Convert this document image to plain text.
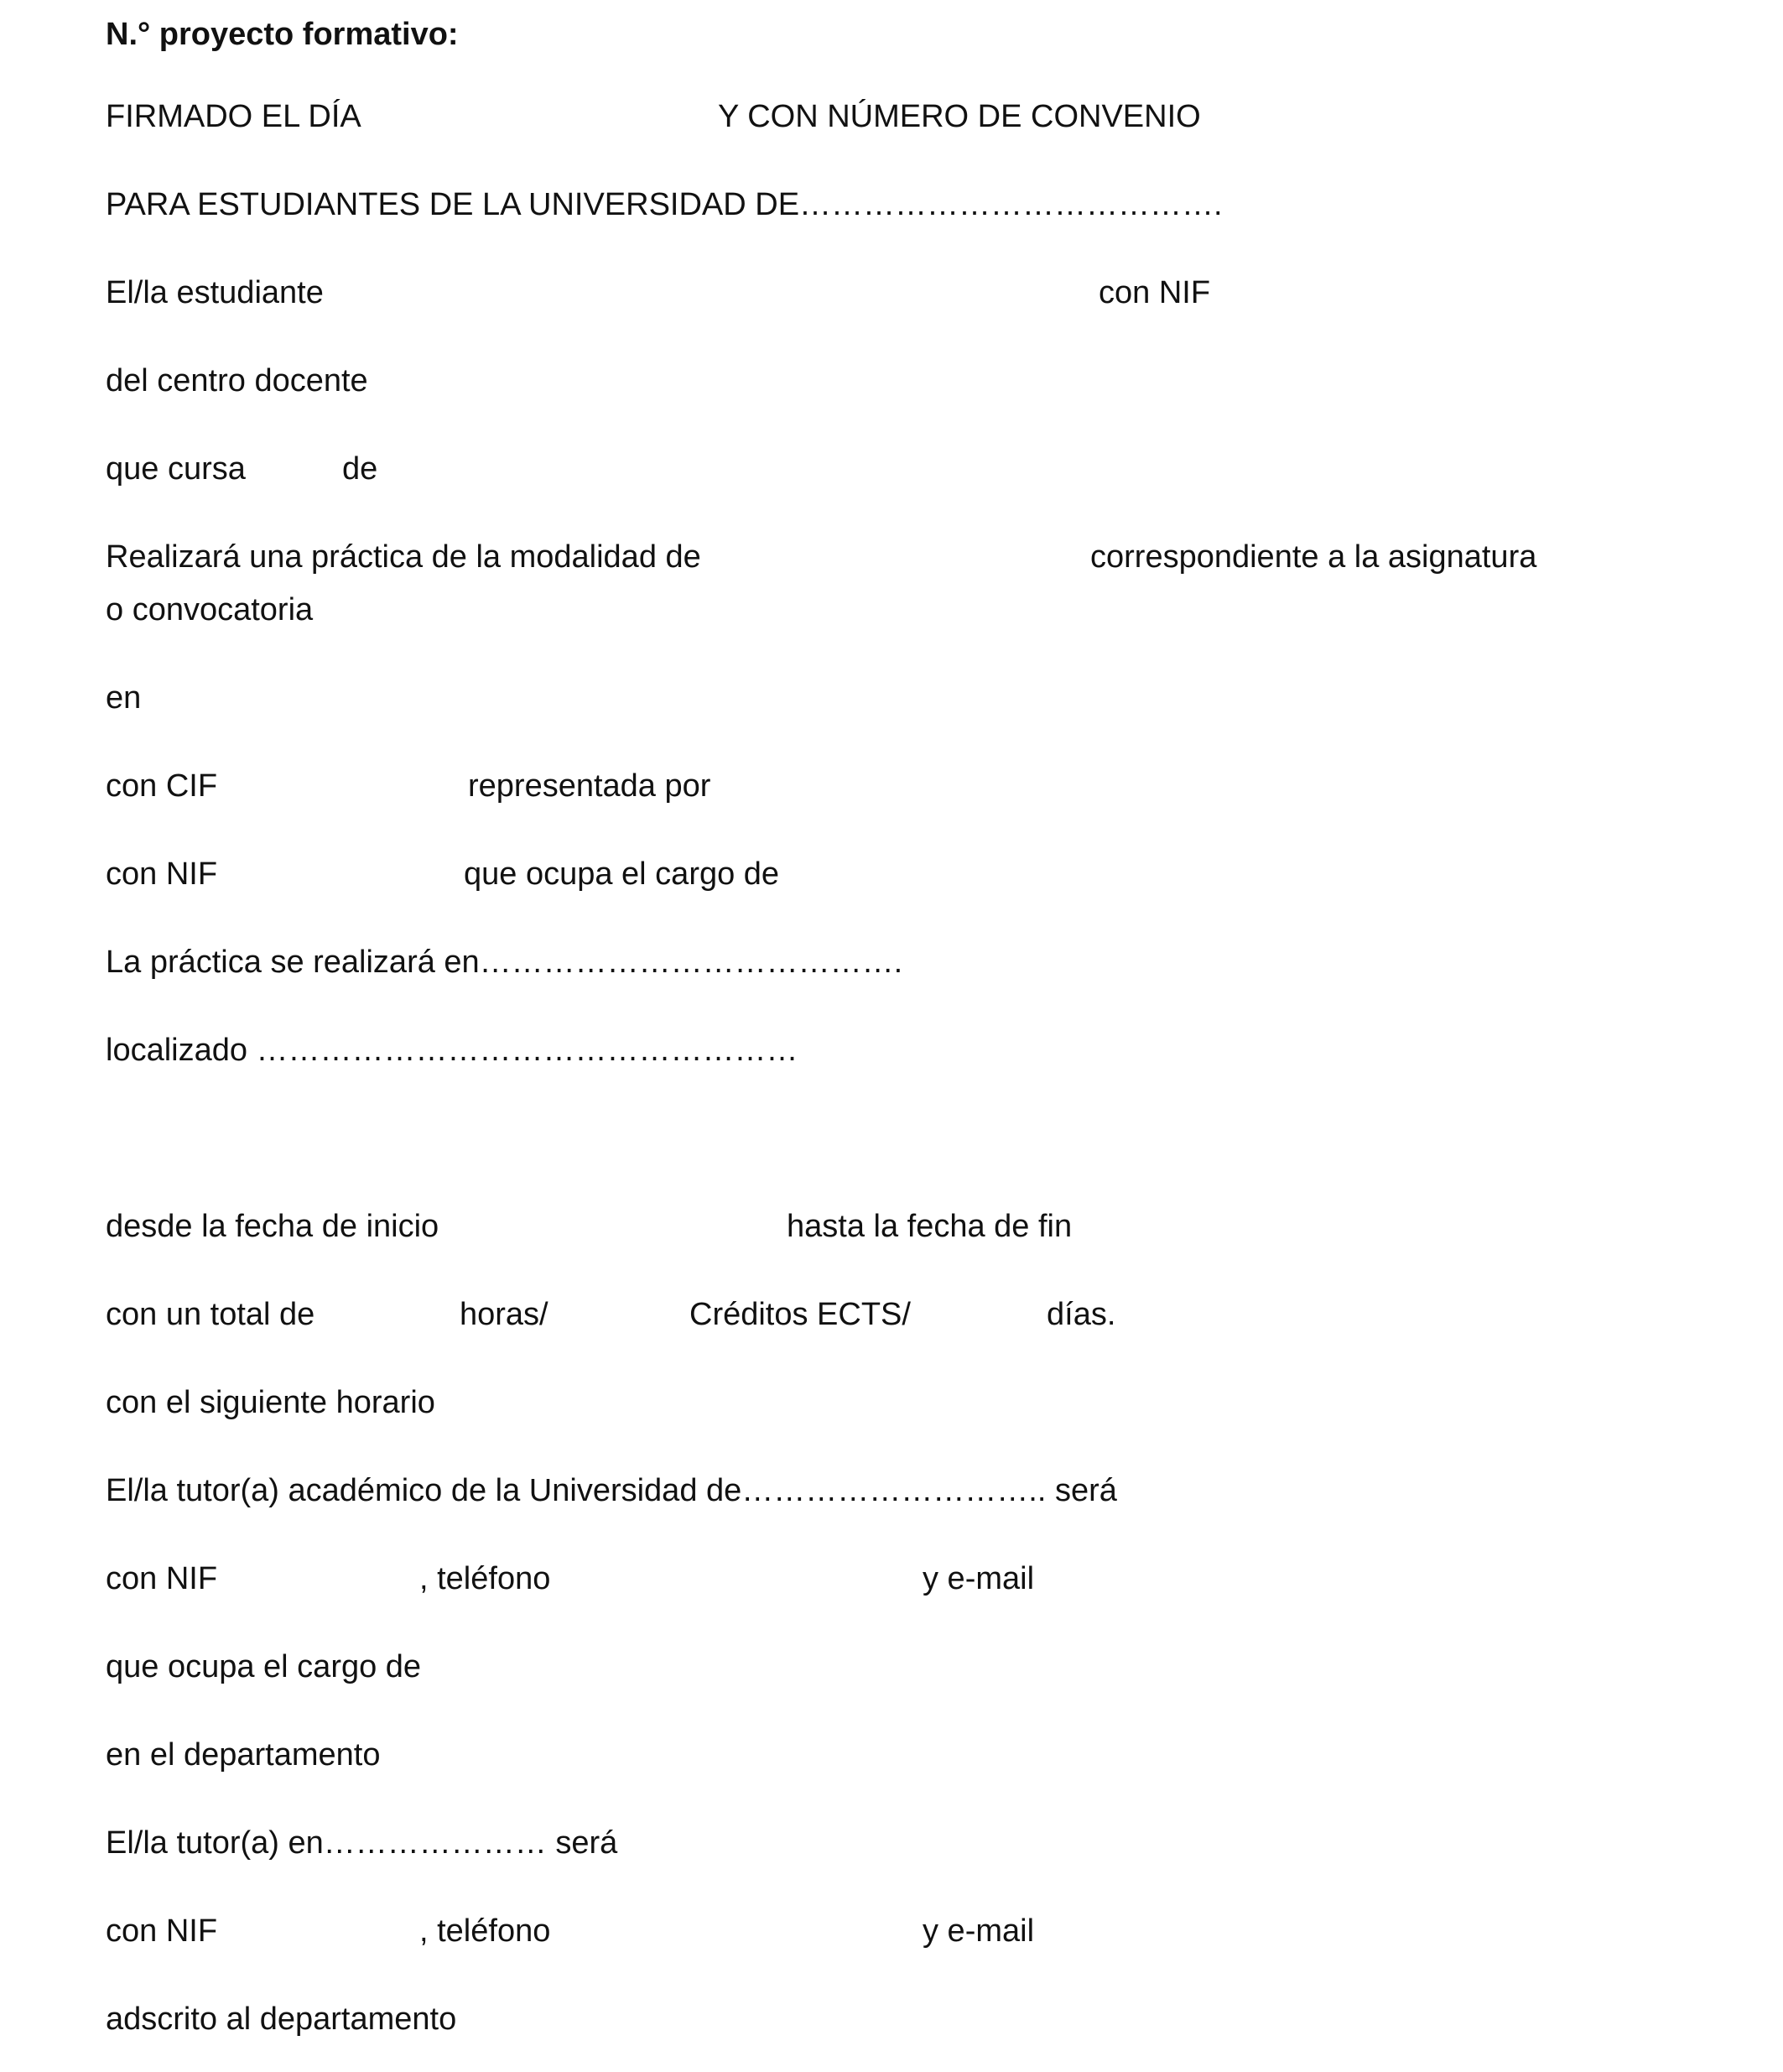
N.° proyecto formativo:
FIRMADO EL DÍA	Y CON NÚMERO DE CONVENIO
PARA ESTUDIANTES DE LA UNIVERSIDAD DE………………………………….
El/la estudiante	con NIF
del centro docente
que cursa	de
Realizará una práctica de la modalidad de	correspondiente a la asignatura
o convocatoria
en
con CIF	representada por
con NIF	que ocupa el cargo de
La práctica se realizará en………………………………….
localizado ……………………………………………
desde la fecha de inicio	hasta la fecha de fin
con un total de	horas/	Créditos ECTS/	días.
con el siguiente horario
El/la tutor(a) académico de la Universidad de……………………….. será
con NIF	, teléfono	y e-mail
que ocupa el cargo de
en el departamento
El/la tutor(a) en………………… será
con NIF	, teléfono	y e-mail
adscrito al departamento
